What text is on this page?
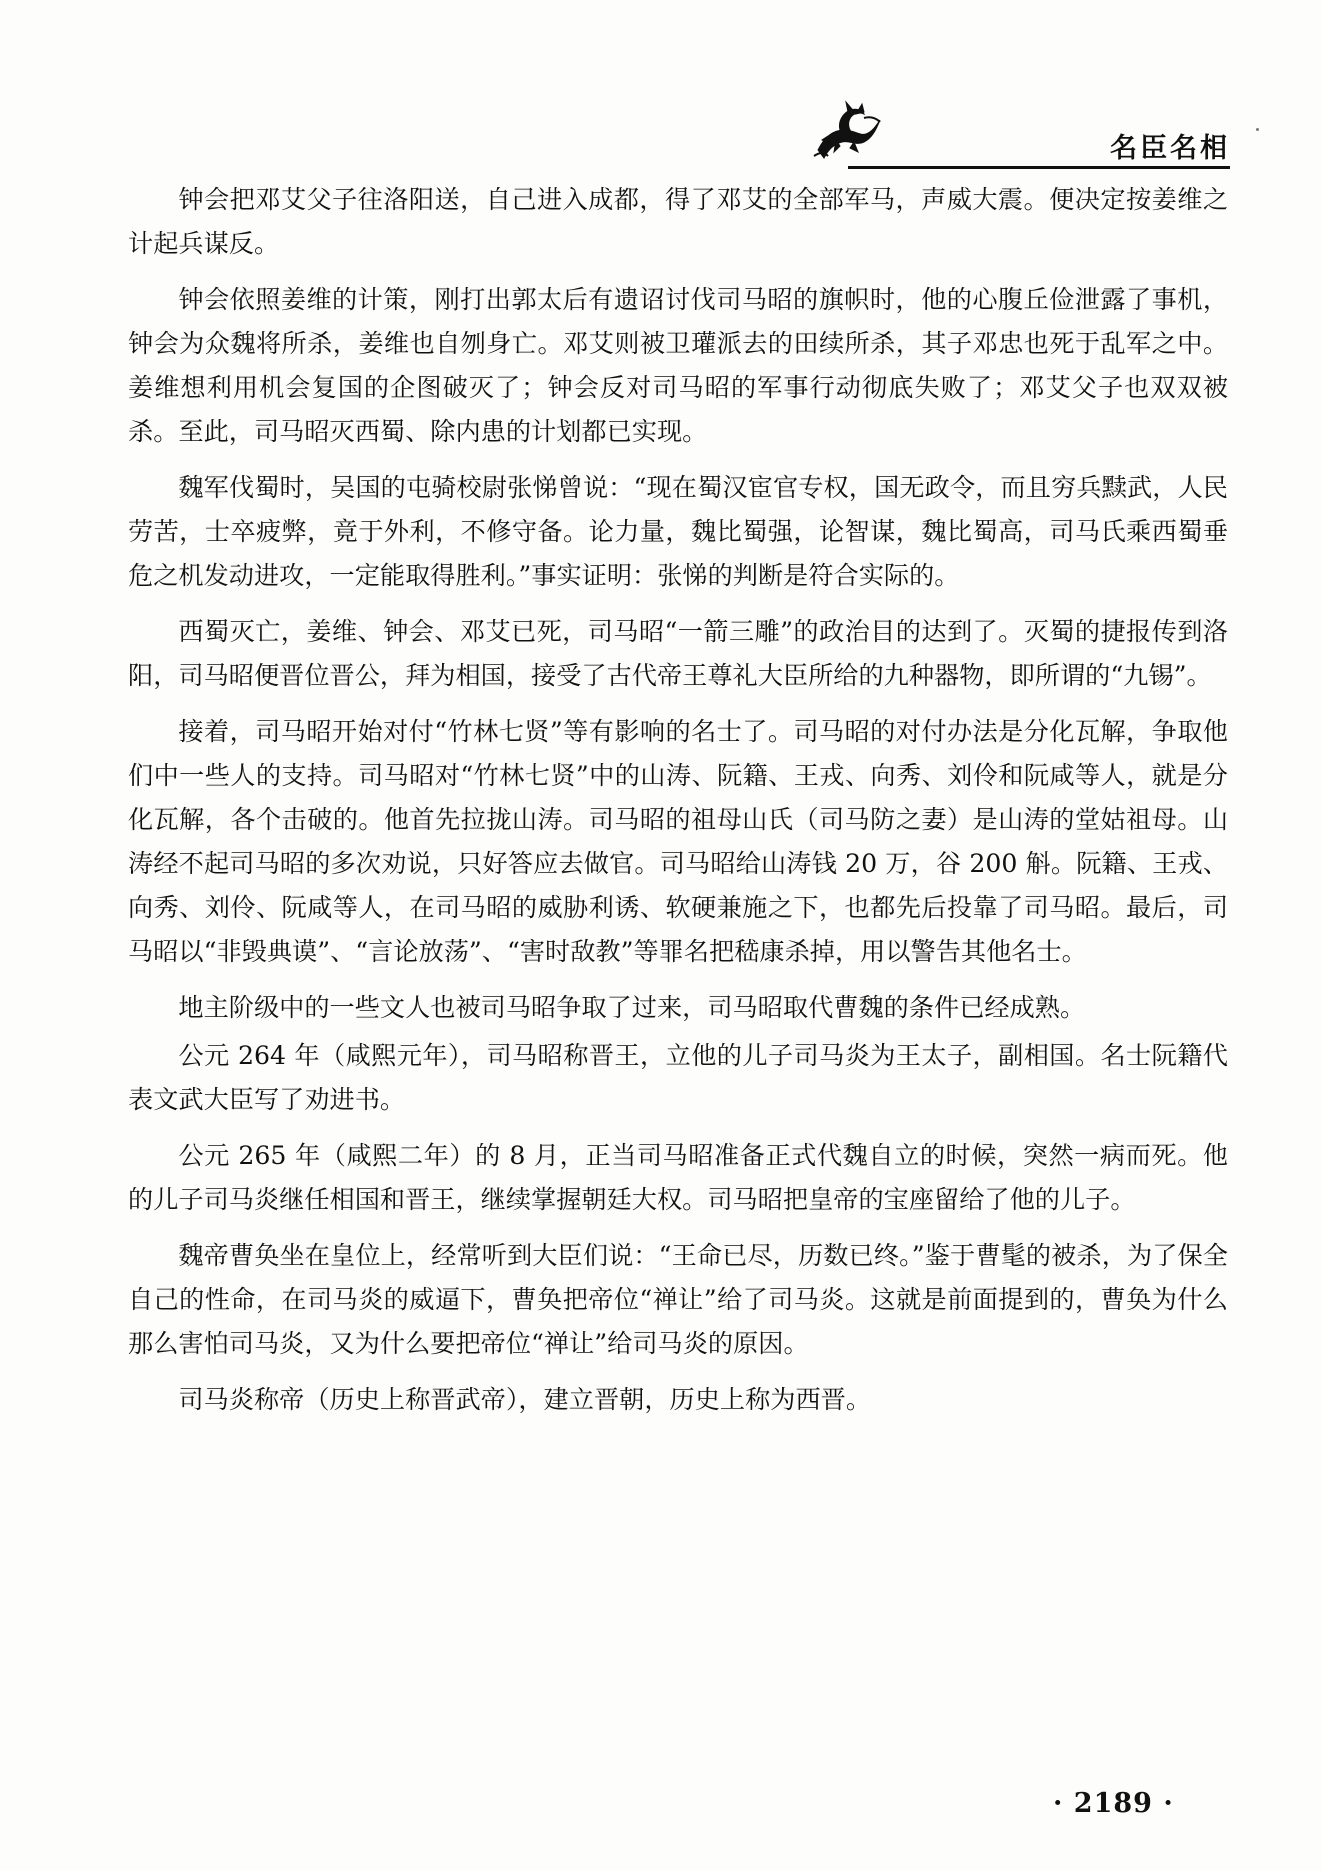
名臣名相

钟会把邓艾父子往洛阳送，自己进入成都，得了邓艾的全部军马，声威大震。便决定按姜维之计起兵谋反。

钟会依照姜维的计策，刚打出郭太后有遗诏讨伐司马昭的旗帜时，他的心腹丘俭泄露了事机，钟会为众魏将所杀，姜维也自刎身亡。邓艾则被卫瓘派去的田续所杀，其子邓忠也死于乱军之中。姜维想利用机会复国的企图破灭了；钟会反对司马昭的军事行动彻底失败了；邓艾父子也双双被杀。至此，司马昭灭西蜀、除内患的计划都已实现。

魏军伐蜀时，吴国的屯骑校尉张悌曾说：“现在蜀汉宦官专权，国无政令，而且穷兵黩武，人民劳苦，士卒疲弊，竟于外利，不修守备。论力量，魏比蜀强，论智谋，魏比蜀高，司马氏乘西蜀垂危之机发动进攻，一定能取得胜利。”事实证明：张悌的判断是符合实际的。

西蜀灭亡，姜维、钟会、邓艾已死，司马昭“一箭三雕”的政治目的达到了。灭蜀的捷报传到洛阳，司马昭便晋位晋公，拜为相国，接受了古代帝王尊礼大臣所给的九种器物，即所谓的“九锡”。

接着，司马昭开始对付“竹林七贤”等有影响的名士了。司马昭的对付办法是分化瓦解，争取他们中一些人的支持。司马昭对“竹林七贤”中的山涛、阮籍、王戎、向秀、刘伶和阮咸等人，就是分化瓦解，各个击破的。他首先拉拢山涛。司马昭的祖母山氏（司马防之妻）是山涛的堂姑祖母。山涛经不起司马昭的多次劝说，只好答应去做官。司马昭给山涛钱 20 万，谷 200 斛。阮籍、王戎、向秀、刘伶、阮咸等人，在司马昭的威胁利诱、软硬兼施之下，也都先后投靠了司马昭。最后，司马昭以“非毁典谟”、“言论放荡”、“害时敌教”等罪名把嵇康杀掉，用以警告其他名士。

地主阶级中的一些文人也被司马昭争取了过来，司马昭取代曹魏的条件已经成熟。

公元 264 年（咸熙元年），司马昭称晋王，立他的儿子司马炎为王太子，副相国。名士阮籍代表文武大臣写了劝进书。

公元 265 年（咸熙二年）的 8 月，正当司马昭准备正式代魏自立的时候，突然一病而死。他的儿子司马炎继任相国和晋王，继续掌握朝廷大权。司马昭把皇帝的宝座留给了他的儿子。

魏帝曹奂坐在皇位上，经常听到大臣们说：“王命已尽，历数已终。”鉴于曹髦的被杀，为了保全自己的性命，在司马炎的威逼下，曹奂把帝位“禅让”给了司马炎。这就是前面提到的，曹奂为什么那么害怕司马炎，又为什么要把帝位“禅让”给司马炎的原因。

司马炎称帝（历史上称晋武帝），建立晋朝，历史上称为西晋。

· 2189 ·
